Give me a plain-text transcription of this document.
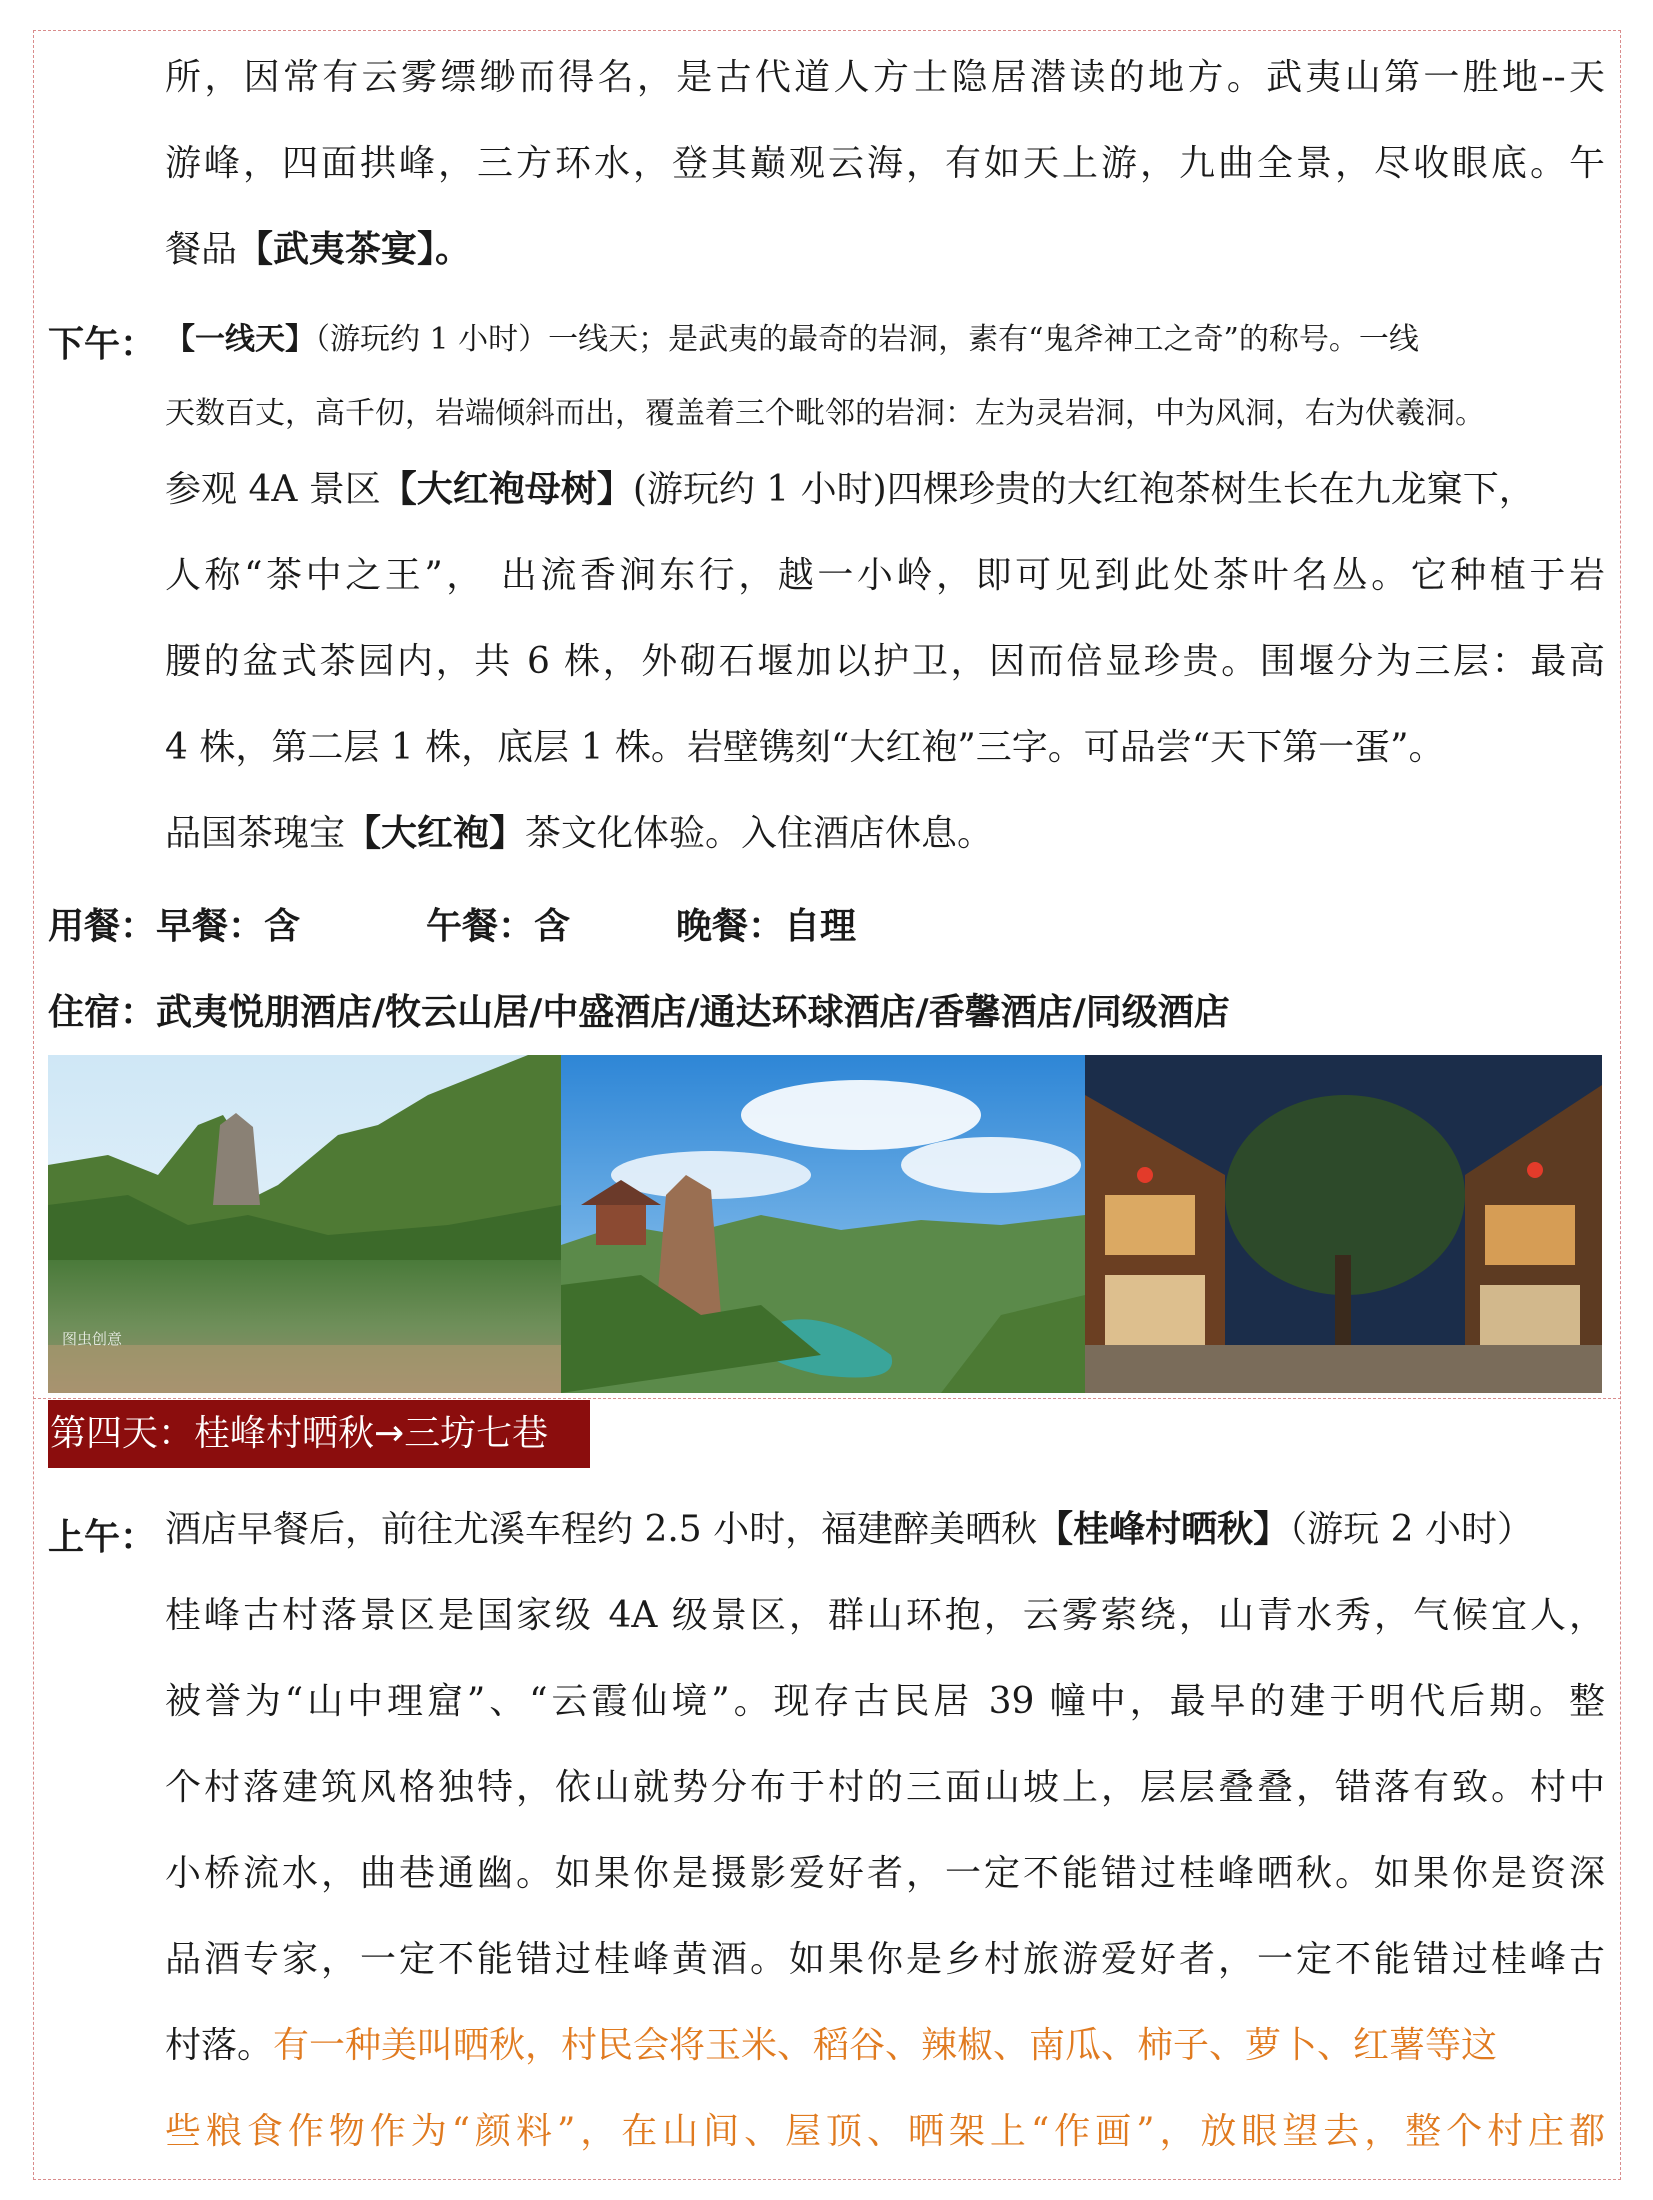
所，因常有云雾缥缈而得名，是古代道人方士隐居潜读的地方。武夷山第一胜地--天
游峰，四面拱峰，三方环水，登其巅观云海，有如天上游，九曲全景，尽收眼底。午
餐品【武夷茶宴】。
下午： 【一线天】（游玩约 1 小时）一线天；是武夷的最奇的岩洞，素有“鬼斧神工之奇”的称号。一线
天数百丈，高千仞，岩端倾斜而出，覆盖着三个毗邻的岩洞：左为灵岩洞，中为风洞，右为伏羲洞。
参观 4A 景区【大红袍母树】(游玩约 1 小时)四棵珍贵的大红袍茶树生长在九龙窠下，
人称“茶中之王”， 出流香涧东行，越一小岭，即可见到此处茶叶名丛。它种植于岩
腰的盆式茶园内，共 6 株，外砌石堰加以护卫，因而倍显珍贵。围堰分为三层：最高
4 株，第二层 1 株，底层 1 株。岩壁镌刻“大红袍”三字。可品尝“天下第一蛋”。
品国茶瑰宝【大红袍】茶文化体验。入住酒店休息。
用餐：早餐：含	午餐：含	晚餐：自理
住宿：武夷悦朋酒店/牧云山居/中盛酒店/通达环球酒店/香馨酒店/同级酒店
图虫创意
第四天：桂峰村晒秋→三坊七巷
上午： 酒店早餐后，前往尤溪车程约 2.5 小时，福建醉美晒秋【桂峰村晒秋】（游玩 2 小时）
桂峰古村落景区是国家级 4A 级景区，群山环抱，云雾萦绕，山青水秀，气候宜人，
被誉为“山中理窟”、“云霞仙境”。现存古民居 39 幢中，最早的建于明代后期。整
个村落建筑风格独特，依山就势分布于村的三面山坡上，层层叠叠，错落有致。村中
小桥流水，曲巷通幽。如果你是摄影爱好者，一定不能错过桂峰晒秋。如果你是资深
品酒专家，一定不能错过桂峰黄酒。如果你是乡村旅游爱好者，一定不能错过桂峰古
村落。有一种美叫晒秋，村民会将玉米、稻谷、辣椒、南瓜、柿子、萝卜、红薯等这
些粮食作物作为“颜料”，在山间、屋顶、晒架上“作画”，放眼望去，整个村庄都
